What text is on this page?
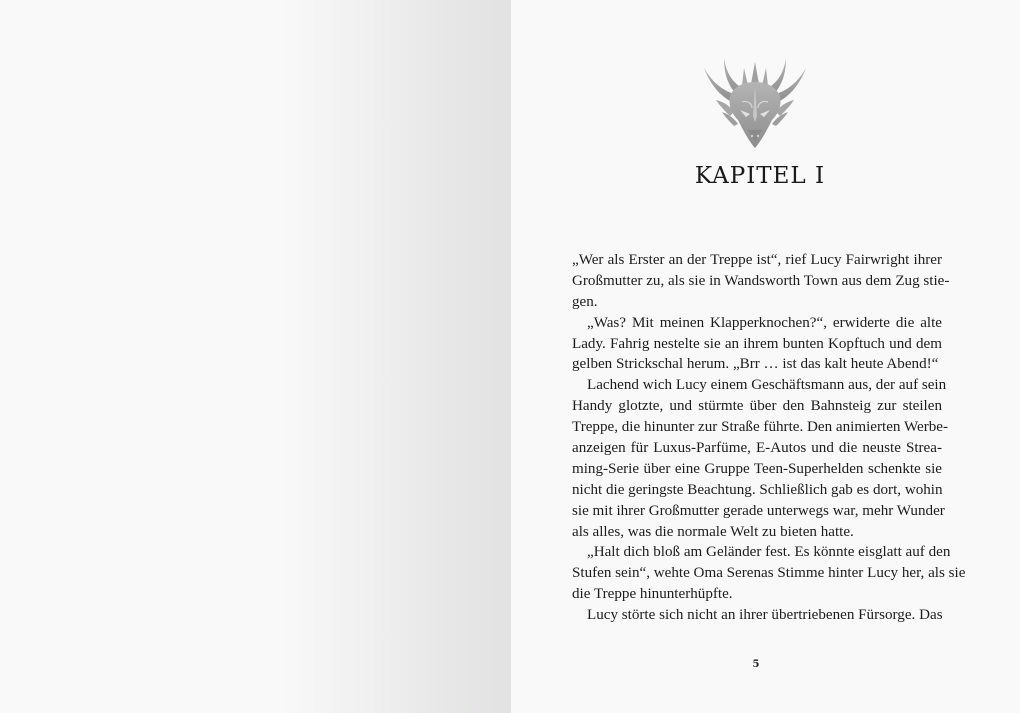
KAPITEL I
„Wer als Erster an der Treppe ist“, rief Lucy Fairwright ihrer
Großmutter zu, als sie in Wandsworth Town aus dem Zug stie-
gen.
„Was? Mit meinen Klapperknochen?“, erwiderte die alte
Lady. Fahrig nestelte sie an ihrem bunten Kopftuch und dem
gelben Strickschal herum. „Brr … ist das kalt heute Abend!“
Lachend wich Lucy einem Geschäftsmann aus, der auf sein
Handy glotzte, und stürmte über den Bahnsteig zur steilen
Treppe, die hinunter zur Straße führte. Den animierten Werbe-
anzeigen für Luxus-Parfüme, E-Autos und die neuste Strea-
ming-Serie über eine Gruppe Teen-Superhelden schenkte sie
nicht die geringste Beachtung. Schließlich gab es dort, wohin
sie mit ihrer Großmutter gerade unterwegs war, mehr Wunder
als alles, was die normale Welt zu bieten hatte.
„Halt dich bloß am Geländer fest. Es könnte eisglatt auf den
Stufen sein“, wehte Oma Serenas Stimme hinter Lucy her, als sie
die Treppe hinunterhüpfte.
Lucy störte sich nicht an ihrer übertriebenen Fürsorge. Das
5
